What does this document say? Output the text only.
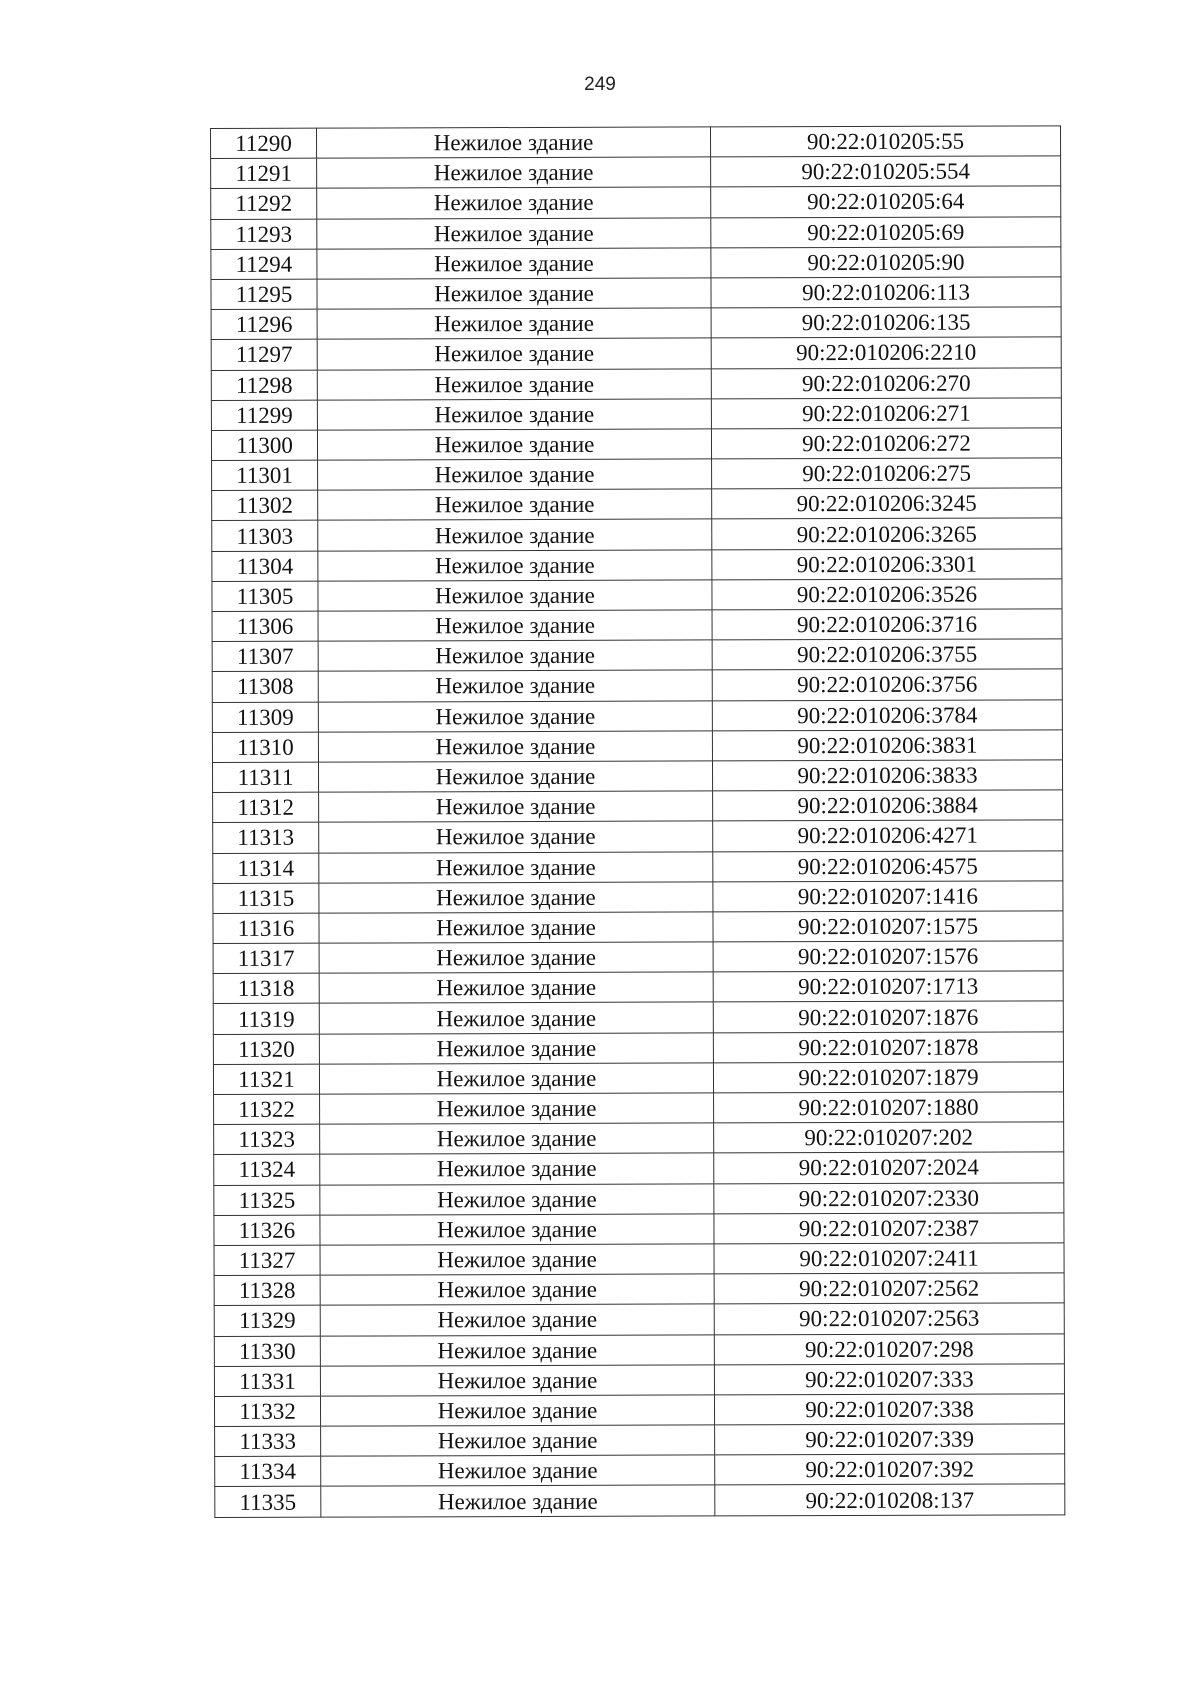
249
11290	Нежилое здание	90:22:010205:55
11291	Нежилое здание	90:22:010205:554
11292	Нежилое здание	90:22:010205:64
11293	Нежилое здание	90:22:010205:69
11294	Нежилое здание	90:22:010205:90
11295	Нежилое здание	90:22:010206:113
11296	Нежилое здание	90:22:010206:135
11297	Нежилое здание	90:22:010206:2210
11298	Нежилое здание	90:22:010206:270
11299	Нежилое здание	90:22:010206:271
11300	Нежилое здание	90:22:010206:272
11301	Нежилое здание	90:22:010206:275
11302	Нежилое здание	90:22:010206:3245
11303	Нежилое здание	90:22:010206:3265
11304	Нежилое здание	90:22:010206:3301
11305	Нежилое здание	90:22:010206:3526
11306	Нежилое здание	90:22:010206:3716
11307	Нежилое здание	90:22:010206:3755
11308	Нежилое здание	90:22:010206:3756
11309	Нежилое здание	90:22:010206:3784
11310	Нежилое здание	90:22:010206:3831
11311	Нежилое здание	90:22:010206:3833
11312	Нежилое здание	90:22:010206:3884
11313	Нежилое здание	90:22:010206:4271
11314	Нежилое здание	90:22:010206:4575
11315	Нежилое здание	90:22:010207:1416
11316	Нежилое здание	90:22:010207:1575
11317	Нежилое здание	90:22:010207:1576
11318	Нежилое здание	90:22:010207:1713
11319	Нежилое здание	90:22:010207:1876
11320	Нежилое здание	90:22:010207:1878
11321	Нежилое здание	90:22:010207:1879
11322	Нежилое здание	90:22:010207:1880
11323	Нежилое здание	90:22:010207:202
11324	Нежилое здание	90:22:010207:2024
11325	Нежилое здание	90:22:010207:2330
11326	Нежилое здание	90:22:010207:2387
11327	Нежилое здание	90:22:010207:2411
11328	Нежилое здание	90:22:010207:2562
11329	Нежилое здание	90:22:010207:2563
11330	Нежилое здание	90:22:010207:298
11331	Нежилое здание	90:22:010207:333
11332	Нежилое здание	90:22:010207:338
11333	Нежилое здание	90:22:010207:339
11334	Нежилое здание	90:22:010207:392
11335	Нежилое здание	90:22:010208:137
